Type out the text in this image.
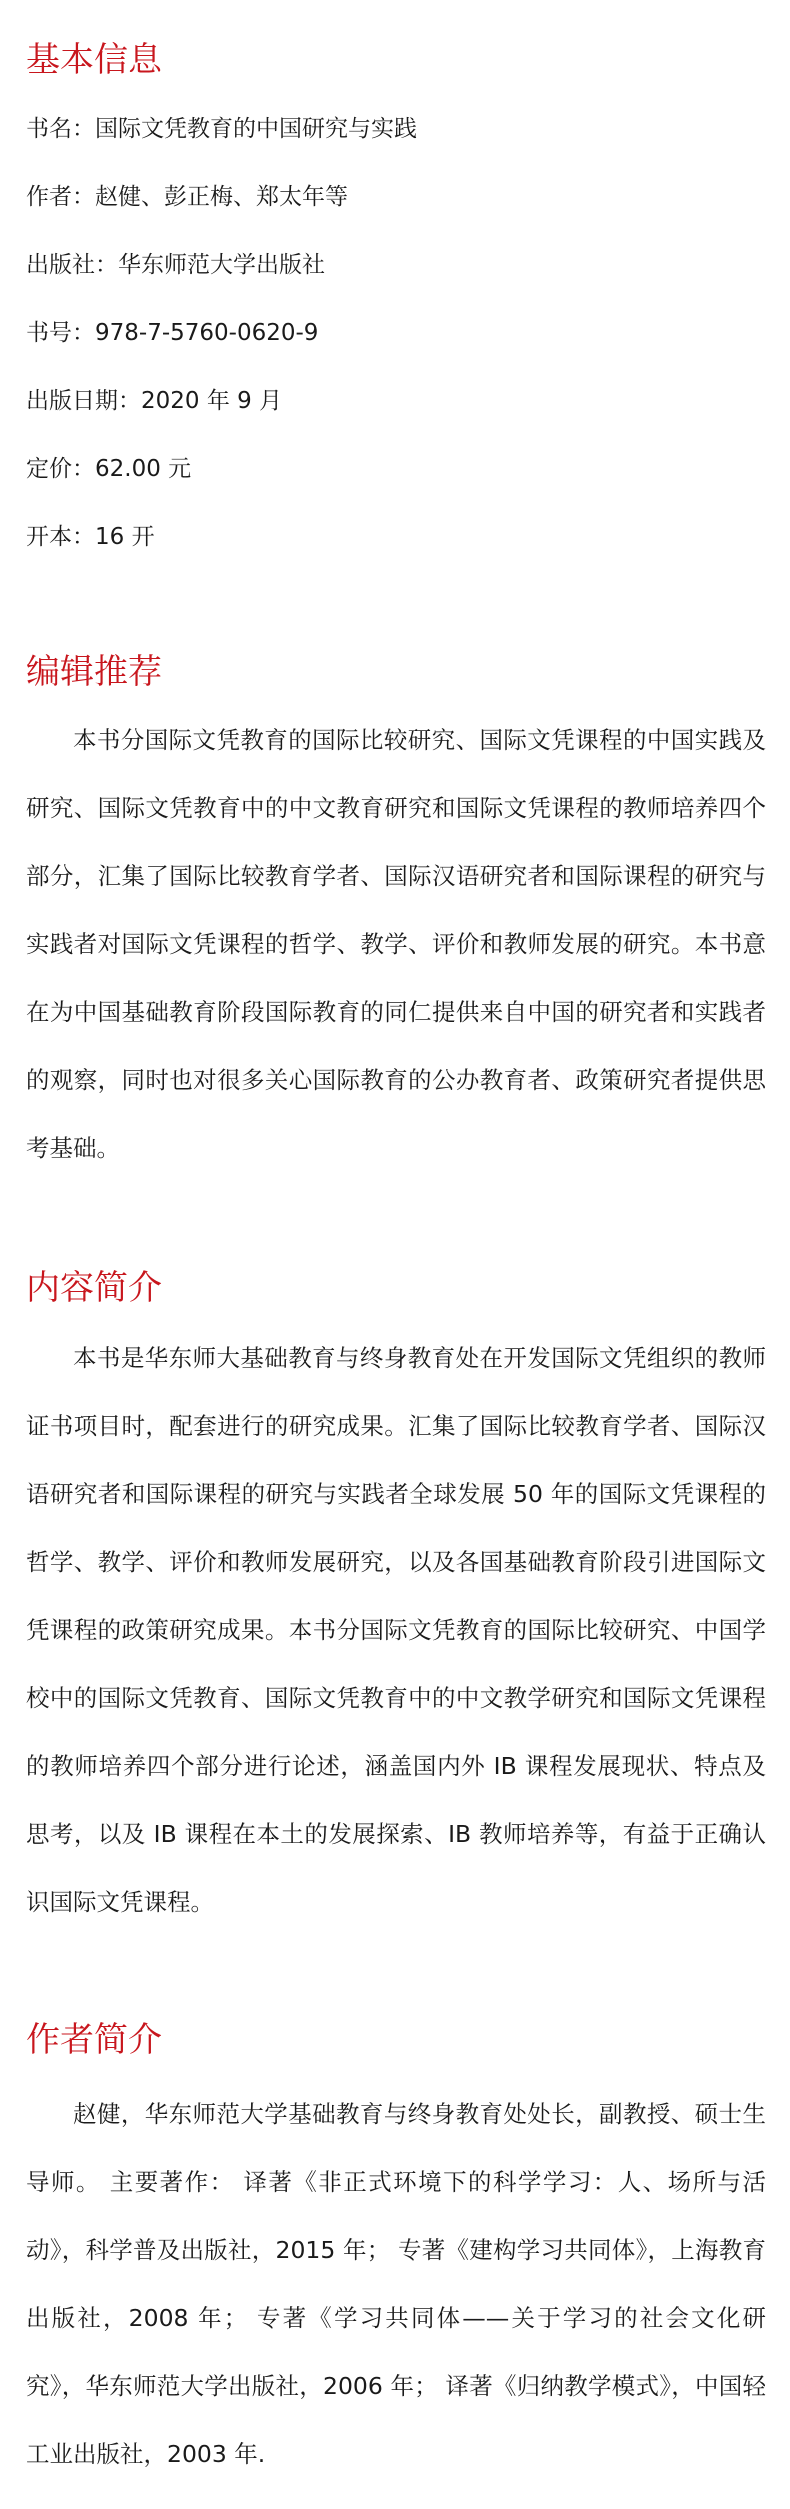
基本信息

书名：国际文凭教育的中国研究与实践

作者：赵健、彭正梅、郑太年等

出版社：华东师范大学出版社

书号：978-7-5760-0620-9

出版日期：2020 年 9 月

定价：62.00 元

开本：16 开

编辑推荐

本书分国际文凭教育的国际比较研究、国际文凭课程的中国实践及研究、国际文凭教育中的中文教育研究和国际文凭课程的教师培养四个部分，汇集了国际比较教育学者、国际汉语研究者和国际课程的研究与实践者对国际文凭课程的哲学、教学、评价和教师发展的研究。本书意在为中国基础教育阶段国际教育的同仁提供来自中国的研究者和实践者的观察，同时也对很多关心国际教育的公办教育者、政策研究者提供思考基础。

内容简介

本书是华东师大基础教育与终身教育处在开发国际文凭组织的教师证书项目时，配套进行的研究成果。汇集了国际比较教育学者、国际汉语研究者和国际课程的研究与实践者全球发展 50 年的国际文凭课程的哲学、教学、评价和教师发展研究，以及各国基础教育阶段引进国际文凭课程的政策研究成果。本书分国际文凭教育的国际比较研究、中国学校中的国际文凭教育、国际文凭教育中的中文教学研究和国际文凭课程的教师培养四个部分进行论述，涵盖国内外 IB 课程发展现状、特点及思考，以及 IB 课程在本土的发展探索、IB 教师培养等，有益于正确认识国际文凭课程。

作者简介

赵健，华东师范大学基础教育与终身教育处处长，副教授、硕士生导师。 主要著作： 译著《非正式环境下的科学学习：人、场所与活动》，科学普及出版社，2015 年； 专著《建构学习共同体》，上海教育出版社，2008 年； 专著《学习共同体——关于学习的社会文化研究》，华东师范大学出版社，2006 年； 译著《归纳教学模式》，中国轻工业出版社，2003 年.
